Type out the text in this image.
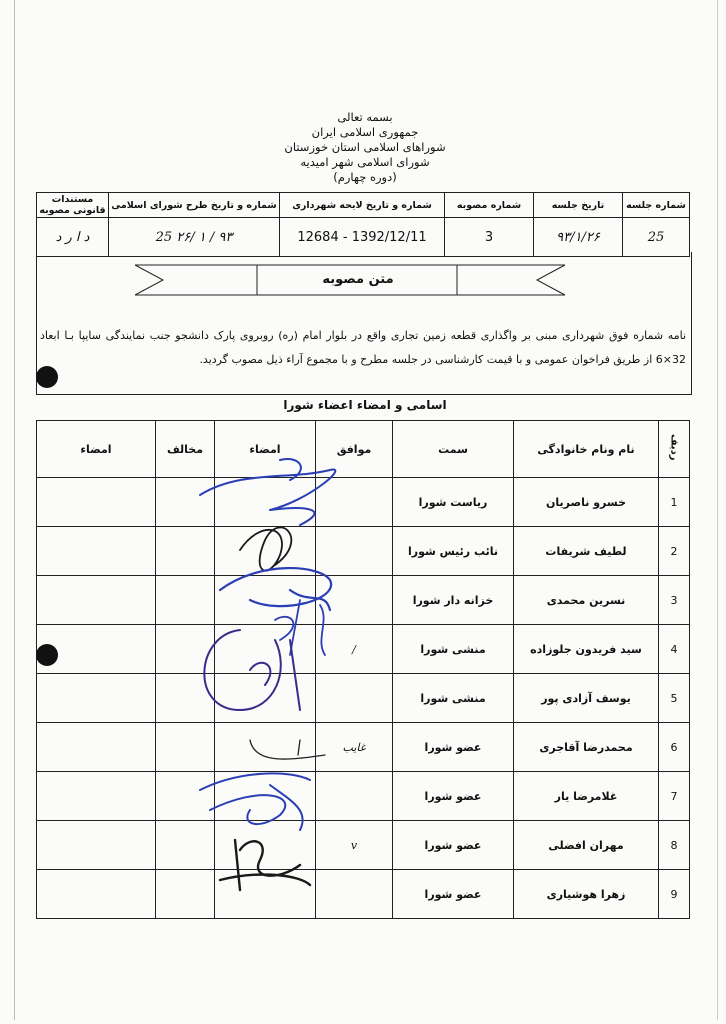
بسمه تعالی
جمهوری اسلامی ایران
شوراهای اسلامی استان خوزستان
شورای اسلامی شهر امیدیه
(دوره چهارم)
شماره جلسه	تاریخ جلسه	شماره مصوبه	شماره و تاریخ لایحه شهرداری	شماره و تاریخ طرح شورای اسلامی	مستندات قانونی مصوبه
25	۹۳/۱/۲۶	3	1392/12/11 - 12684	۹۳ / ۱ /۲۶ 25	د ا ر د
متن مصوبه
نامه شماره فوق شهرداری مبنی بر واگذاری قطعه زمین تجاری واقع در بلوار امام (ره) روبروی پارک دانشجو جنب نمایندگی سایپا بـا ابعاد 32×6 از طریق فراخوان عمومی و با قیمت کارشناسی در جلسه مطرح و با مجموع آراء ذیل مصوب گردید.
اسامی و امضاء اعضاء شورا
ردیف	نام ونام خانوادگی	سمت	موافق	امضاء	مخالف	امضاء
1	خسرو ناصریان	ریاست شورا				
2	لطیف شریفات	نائب رئیس شورا				
3	نسرین محمدی	خزانه دار شورا				
4	سید فریدون جلوزاده	منشی شورا	/			
5	یوسف آزادی پور	منشی شورا				
6	محمدرضا آقاجری	عضو شورا	غایب			
7	غلامرضا یار	عضو شورا				
8	مهران افضلی	عضو شورا	v			
9	زهرا هوشیاری	عضو شورا				
